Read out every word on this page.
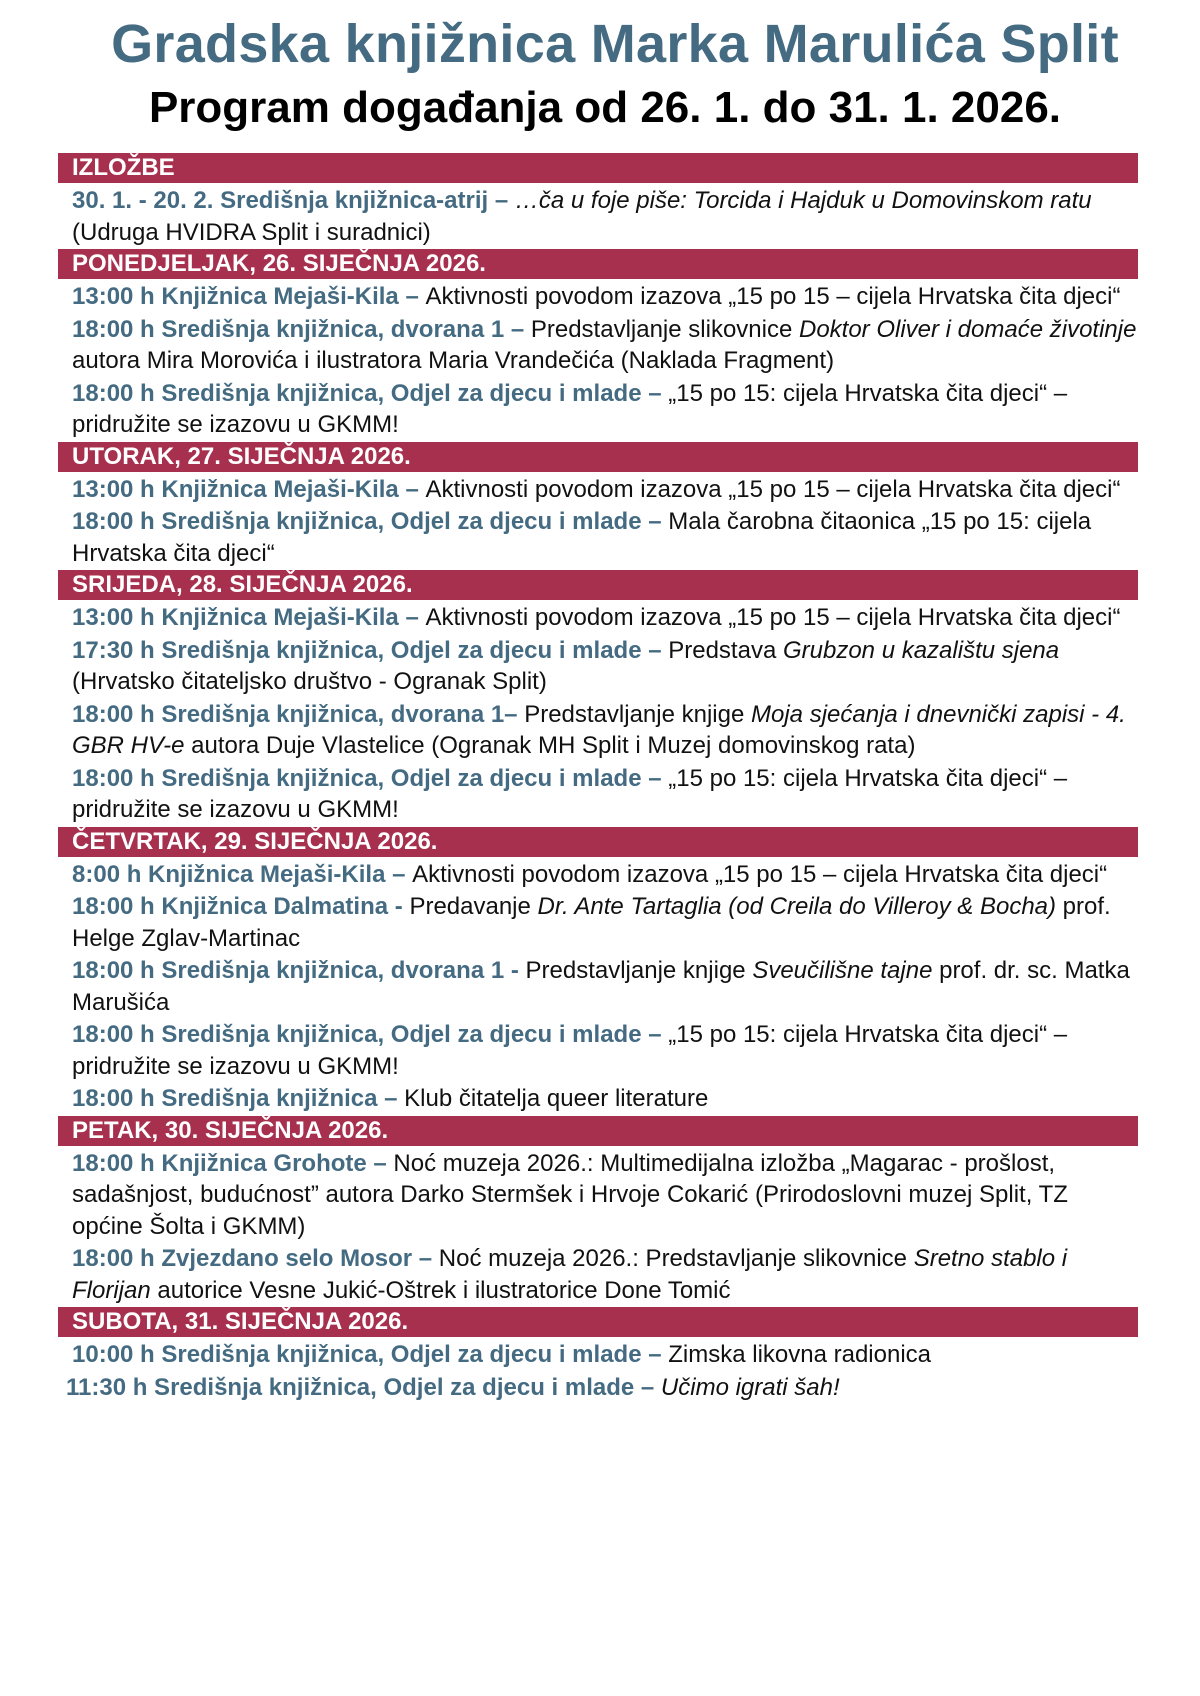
Gradska knjižnica Marka Marulića Split
Program događanja od 26. 1. do 31. 1. 2026.
IZLOŽBE
30. 1. - 20. 2. Središnja knjižnica-atrij – …ča u foje piše: Torcida i Hajduk u Domovinskom ratu (Udruga HVIDRA Split i suradnici)
PONEDJELJAK, 26. SIJEČNJA 2026.
13:00 h Knjižnica Mejaši-Kila – Aktivnosti povodom izazova „15 po 15 – cijela Hrvatska čita djeci“
18:00 h Središnja knjižnica, dvorana 1 – Predstavljanje slikovnice Doktor Oliver i domaće životinje autora Mira Morovića i ilustratora Maria Vrandečića (Naklada Fragment)
18:00 h Središnja knjižnica, Odjel za djecu i mlade – „15 po 15: cijela Hrvatska čita djeci“ – pridružite se izazovu u GKMM!
UTORAK, 27. SIJEČNJA 2026.
13:00 h Knjižnica Mejaši-Kila – Aktivnosti povodom izazova „15 po 15 – cijela Hrvatska čita djeci“
18:00 h Središnja knjižnica, Odjel za djecu i mlade – Mala čarobna čitaonica „15 po 15: cijela Hrvatska čita djeci“
SRIJEDA, 28. SIJEČNJA 2026.
13:00 h Knjižnica Mejaši-Kila – Aktivnosti povodom izazova „15 po 15 – cijela Hrvatska čita djeci“
17:30 h Središnja knjižnica, Odjel za djecu i mlade – Predstava Grubzon u kazalištu sjena (Hrvatsko čitateljsko društvo - Ogranak Split)
18:00 h Središnja knjižnica, dvorana 1– Predstavljanje knjige Moja sjećanja i dnevnički zapisi - 4. GBR HV-e autora Duje Vlastelice (Ogranak MH Split i Muzej domovinskog rata)
18:00 h Središnja knjižnica, Odjel za djecu i mlade – „15 po 15: cijela Hrvatska čita djeci“ – pridružite se izazovu u GKMM!
ČETVRTAK, 29. SIJEČNJA 2026.
8:00 h Knjižnica Mejaši-Kila – Aktivnosti povodom izazova „15 po 15 – cijela Hrvatska čita djeci“
18:00 h Knjižnica Dalmatina - Predavanje Dr. Ante Tartaglia (od Creila do Villeroy & Bocha) prof. Helge Zglav-Martinac
18:00 h Središnja knjižnica, dvorana 1 - Predstavljanje knjige Sveučilišne tajne prof. dr. sc. Matka Marušića
18:00 h Središnja knjižnica, Odjel za djecu i mlade – „15 po 15: cijela Hrvatska čita djeci“ – pridružite se izazovu u GKMM!
18:00 h Središnja knjižnica – Klub čitatelja queer literature
PETAK, 30. SIJEČNJA 2026.
18:00 h Knjižnica Grohote – Noć muzeja 2026.: Multimedijalna izložba „Magarac - prošlost, sadašnjost, budućnost” autora Darko Stermšek i Hrvoje Cokarić (Prirodoslovni muzej Split, TZ općine Šolta i GKMM)
18:00 h Zvjezdano selo Mosor – Noć muzeja 2026.: Predstavljanje slikovnice Sretno stablo i Florijan autorice Vesne Jukić-Oštrek i ilustratorice Done Tomić
SUBOTA, 31. SIJEČNJA 2026.
10:00 h Središnja knjižnica, Odjel za djecu i mlade – Zimska likovna radionica
11:30 h Središnja knjižnica, Odjel za djecu i mlade – Učimo igrati šah!
